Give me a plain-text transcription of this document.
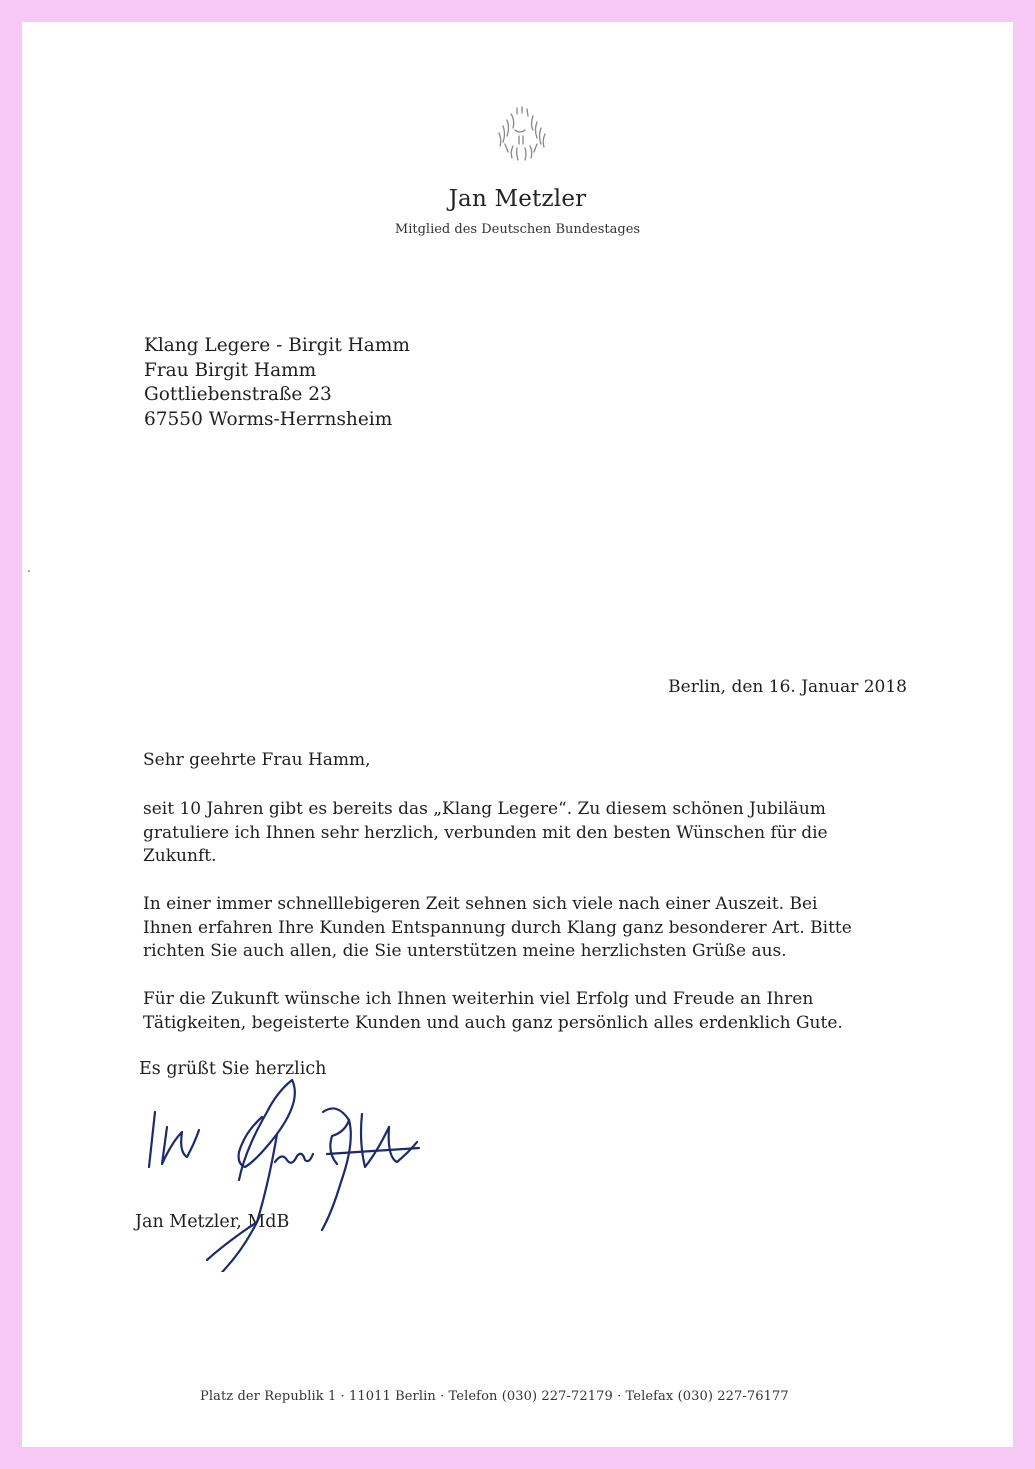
Jan Metzler
Mitglied des Deutschen Bundestages
Klang Legere - Birgit Hamm
Frau Birgit Hamm
Gottliebenstraße 23
67550 Worms-Herrnsheim
Berlin, den 16. Januar 2018
Sehr geehrte Frau Hamm,
seit 10 Jahren gibt es bereits das „Klang Legere“. Zu diesem schönen Jubiläum
gratuliere ich Ihnen sehr herzlich, verbunden mit den besten Wünschen für die
Zukunft.
In einer immer schnelllebigeren Zeit sehnen sich viele nach einer Auszeit. Bei
Ihnen erfahren Ihre Kunden Entspannung durch Klang ganz besonderer Art. Bitte
richten Sie auch allen, die Sie unterstützen meine herzlichsten Grüße aus.
Für die Zukunft wünsche ich Ihnen weiterhin viel Erfolg und Freude an Ihren
Tätigkeiten, begeisterte Kunden und auch ganz persönlich alles erdenklich Gute.
Es grüßt Sie herzlich
Jan Metzler, MdB
Platz der Republik 1 · 11011 Berlin · Telefon (030) 227-72179 · Telefax (030) 227-76177
